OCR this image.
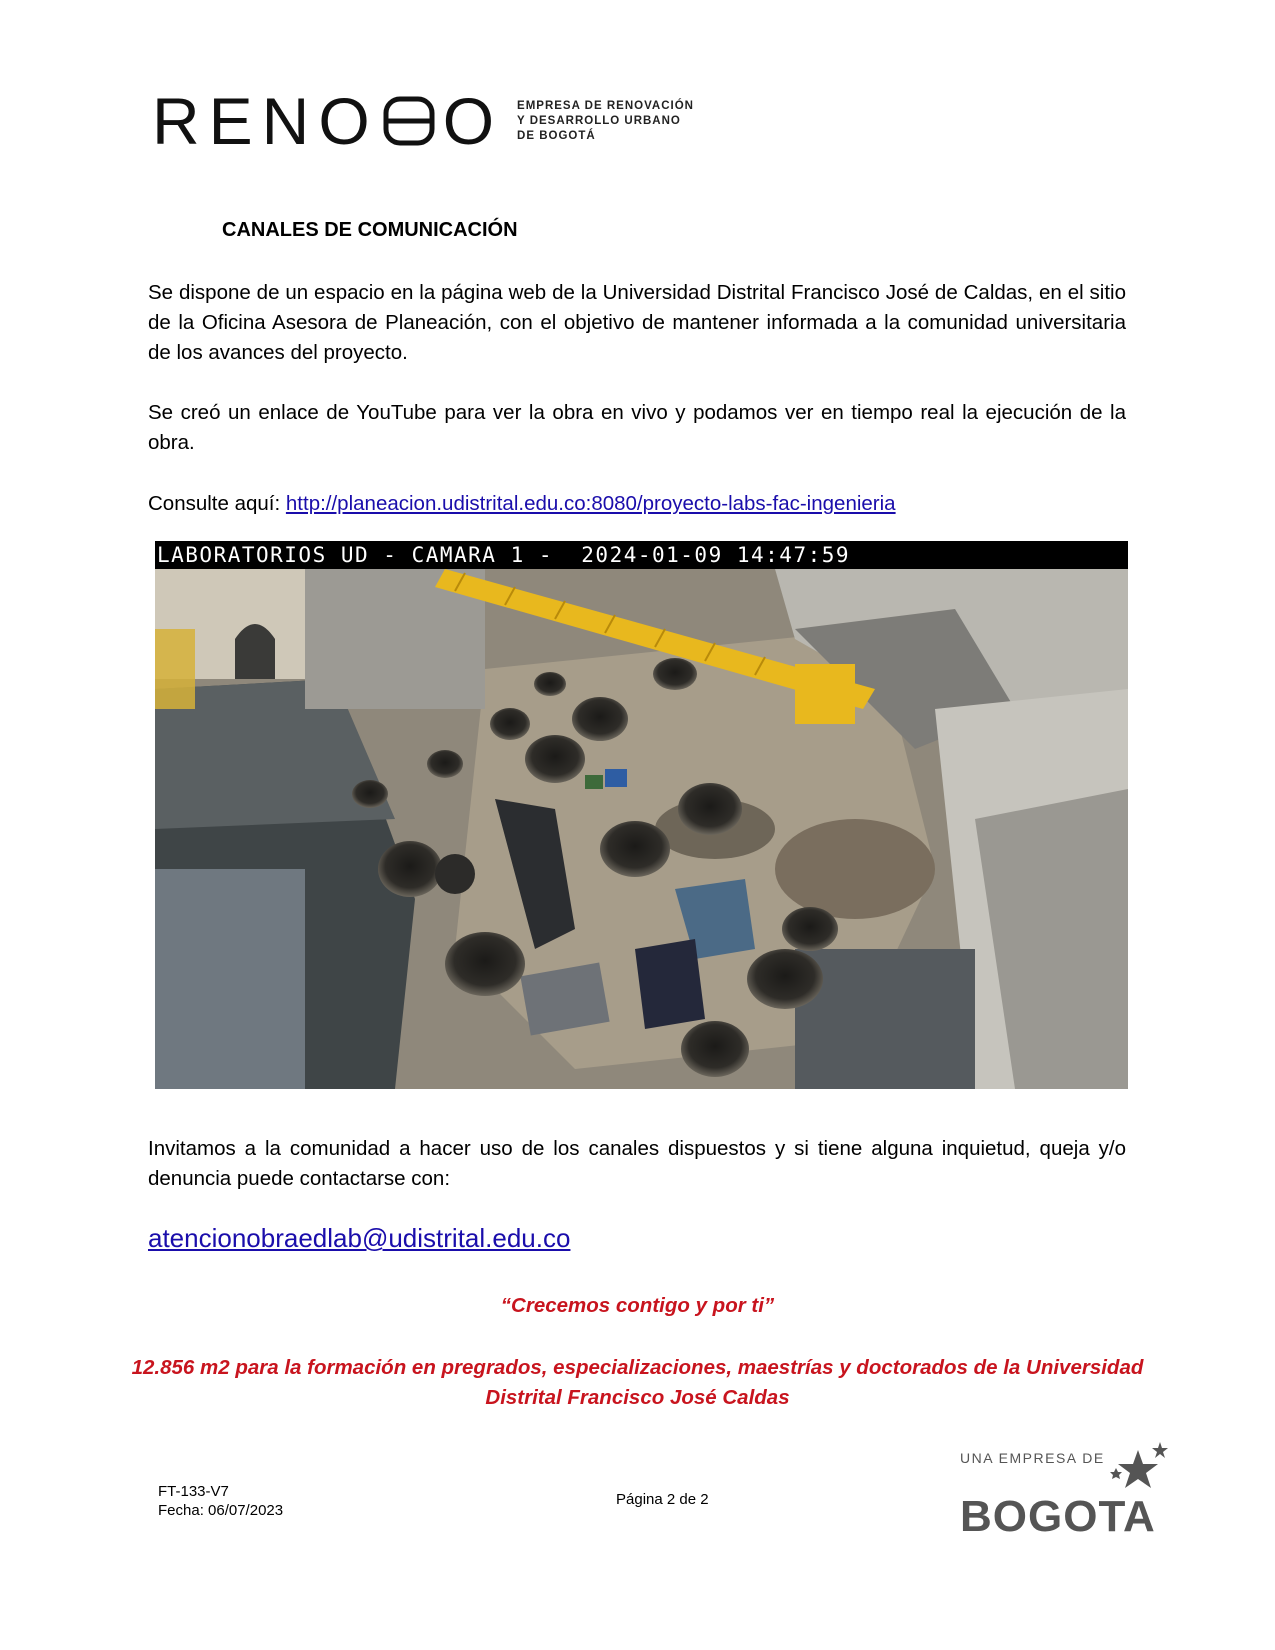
RENO O EMPRESA DE RENOVACIÓN
Y DESARROLLO URBANO
DE BOGOTÁ
CANALES DE COMUNICACIÓN

Se dispone de un espacio en la página web de la Universidad Distrital Francisco José de Caldas, en el sitio de la Oficina Asesora de Planeación, con el objetivo de mantener informada a la comunidad universitaria de los avances del proyecto.

Se creó un enlace de YouTube para ver la obra en vivo y podamos ver en tiempo real la ejecución de la obra.

Consulte aquí: http://planeacion.udistrital.edu.co:8080/proyecto-labs-fac-ingenieria

LABORATORIOS UD - CAMARA 1 -  2024-01-09 14:47:59

Invitamos a la comunidad a hacer uso de los canales dispuestos y si tiene alguna inquietud, queja y/o denuncia puede contactarse con:

atencionobraedlab@udistrital.edu.co
“Crecemos contigo y por ti”
12.856 m2 para la formación en pregrados, especializaciones, maestrías y doctorados de la Universidad Distrital Francisco José Caldas
FT-133-V7
Fecha: 06/07/2023
Página 2 de 2
UNA EMPRESA DE
BOGOTA
